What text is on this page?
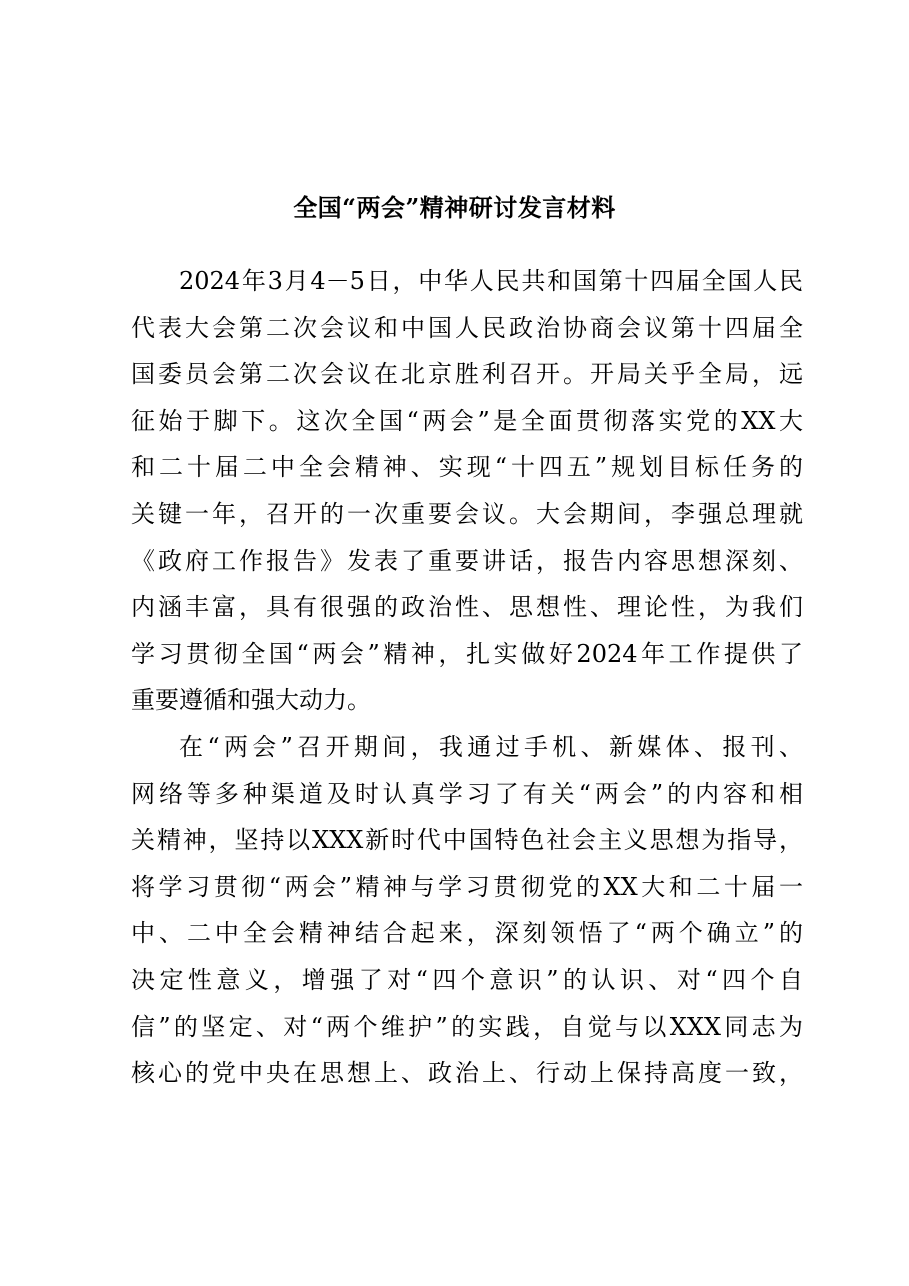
全国“两会”精神研讨发言材料
2024年3月4－5日，中华人民共和国第十四届全国人民
代表大会第二次会议和中国人民政治协商会议第十四届全
国委员会第二次会议在北京胜利召开。开局关乎全局，远
征始于脚下。这次全国“两会”是全面贯彻落实党的XX大
和二十届二中全会精神、实现“十四五”规划目标任务的
关键一年，召开的一次重要会议。大会期间，李强总理就
《政府工作报告》发表了重要讲话，报告内容思想深刻、
内涵丰富，具有很强的政治性、思想性、理论性，为我们
学习贯彻全国“两会”精神，扎实做好2024年工作提供了
重要遵循和强大动力。
在“两会”召开期间，我通过手机、新媒体、报刊、
网络等多种渠道及时认真学习了有关“两会”的内容和相
关精神，坚持以XXX新时代中国特色社会主义思想为指导，
将学习贯彻“两会”精神与学习贯彻党的XX大和二十届一
中、二中全会精神结合起来，深刻领悟了“两个确立”的
决定性意义，增强了对“四个意识”的认识、对“四个自
信”的坚定、对“两个维护”的实践，自觉与以XXX同志为
核心的党中央在思想上、政治上、行动上保持高度一致，
